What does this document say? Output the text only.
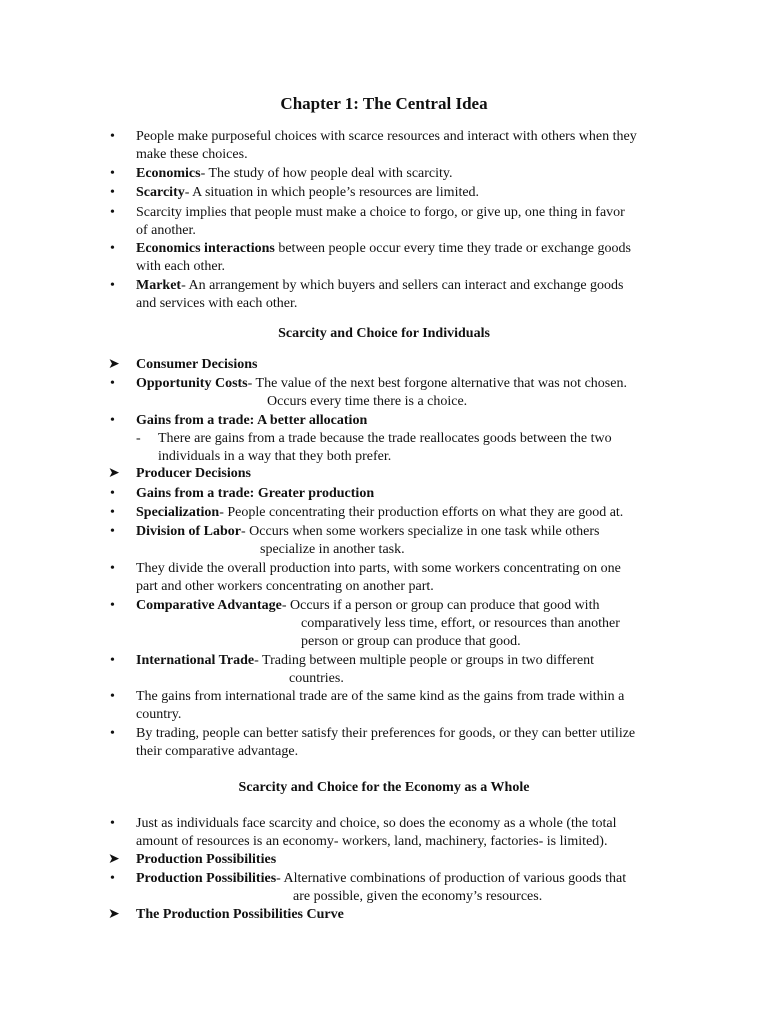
Chapter 1: The Central Idea
•	People make purposeful choices with scarce resources and interact with others when they
make these choices.
•	Economics- The study of how people deal with scarcity.
•	Scarcity- A situation in which people’s resources are limited.
•	Scarcity implies that people must make a choice to forgo, or give up, one thing in favor
of another.
•	Economics interactions between people occur every time they trade or exchange goods
with each other.
•	Market- An arrangement by which buyers and sellers can interact and exchange goods
and services with each other.
Scarcity and Choice for Individuals
➤ Consumer Decisions
•	Opportunity Costs- The value of the next best forgone alternative that was not chosen.
Occurs every time there is a choice.
•	Gains from a trade: A better allocation
-	There are gains from a trade because the trade reallocates goods between the two
individuals in a way that they both prefer.
➤ Producer Decisions
•	Gains from a trade: Greater production
•	Specialization- People concentrating their production efforts on what they are good at.
•	Division of Labor- Occurs when some workers specialize in one task while others
specialize in another task.
•	They divide the overall production into parts, with some workers concentrating on one
part and other workers concentrating on another part.
•	Comparative Advantage- Occurs if a person or group can produce that good with
comparatively less time, effort, or resources than another
person or group can produce that good.
•	International Trade- Trading between multiple people or groups in two different
countries.
•	The gains from international trade are of the same kind as the gains from trade within a
country.
•	By trading, people can better satisfy their preferences for goods, or they can better utilize
their comparative advantage.
Scarcity and Choice for the Economy as a Whole
•	Just as individuals face scarcity and choice, so does the economy as a whole (the total
amount of resources is an economy- workers, land, machinery, factories- is limited).
➤ Production Possibilities
•	Production Possibilities- Alternative combinations of production of various goods that
are possible, given the economy’s resources.
➤ The Production Possibilities Curve
